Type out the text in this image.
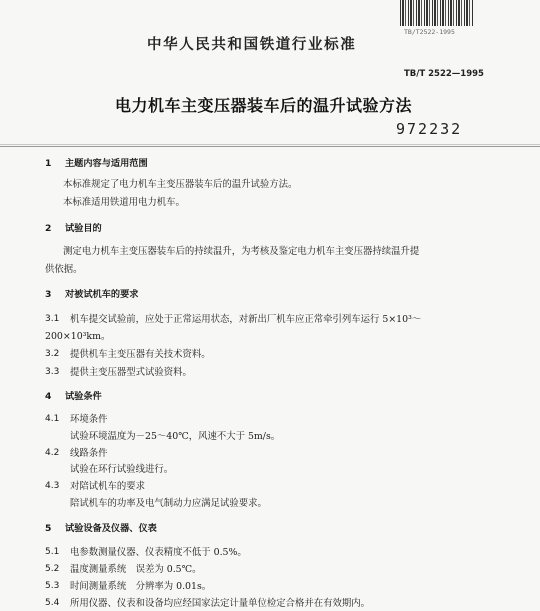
TB/T2522-1995
中华人民共和国铁道行业标准
TB/T 2522—1995
电力机车主变压器装车后的温升试验方法
972232
1 主题内容与适用范围
本标准规定了电力机车主变压器装车后的温升试验方法。
本标准适用铁道用电力机车。
2 试验目的
测定电力机车主变压器装车后的持续温升，为考核及鉴定电力机车主变压器持续温升提
供依据。
3 对被试机车的要求
3.1	机车提交试验前，应处于正常运用状态，对新出厂机车应正常牵引列车运行 5×10³～
200×10³km。
3.2	提供机车主变压器有关技术资料。
3.3	提供主变压器型式试验资料。
4 试验条件
4.1	环境条件
试验环境温度为－25～40℃，风速不大于 5m/s。
4.2	线路条件
试验在环行试验线进行。
4.3	对陪试机车的要求
陪试机车的功率及电气制动力应满足试验要求。
5 试验设备及仪器、仪表
5.1	电参数测量仪器、仪表精度不低于 0.5%。
5.2	温度测量系统　误差为 0.5℃。
5.3	时间测量系统　分辨率为 0.01s。
5.4	所用仪器、仪表和设备均应经国家法定计量单位检定合格并在有效期内。
